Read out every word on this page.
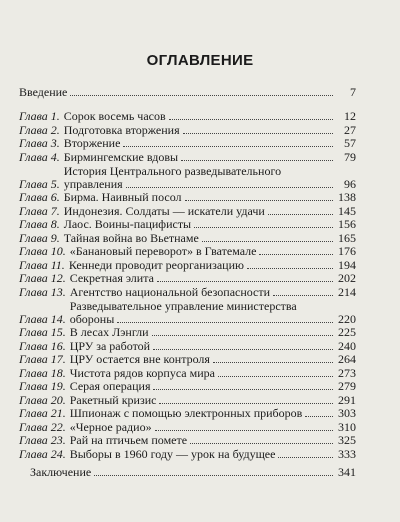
ОГЛАВЛЕНИЕ
Введение	7
Глава 1. Сорок восемь часов	12
Глава 2. Подготовка вторжения	27
Глава 3. Вторжение	57
Глава 4. Бирмингемские вдовы	79
Глава 5.
История Центрального разведывательного
управления	96
Глава 6. Бирма. Наивный посол	138
Глава 7. Индонезия. Солдаты — искатели удачи	145
Глава 8. Лаос. Воины-пацифисты	156
Глава 9. Тайная война во Вьетнаме	165
Глава 10. «Банановый переворот» в Гватемале	176
Глава 11. Кеннеди проводит реорганизацию	194
Глава 12. Секретная элита	202
Глава 13. Агентство национальной безопасности	214
Глава 14.
Разведывательное управление министерства
обороны	220
Глава 15. В лесах Лэнгли	225
Глава 16. ЦРУ за работой	240
Глава 17. ЦРУ остается вне контроля	264
Глава 18. Чистота рядов корпуса мира	273
Глава 19. Серая операция	279
Глава 20. Ракетный кризис	291
Глава 21. Шпионаж с помощью электронных приборов	303
Глава 22. «Черное радио»	310
Глава 23. Рай на птичьем помете	325
Глава 24. Выборы в 1960 году — урок на будущее	333
Заключение	341
